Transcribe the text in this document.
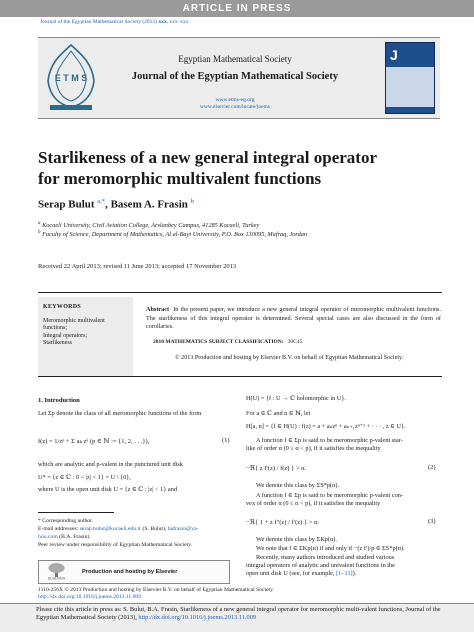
ARTICLE IN PRESS
Journal of the Egyptian Mathematical Society (2013) xxx, xxx–xxx
E T M S
Egyptian Mathematical Society
Journal of the Egyptian Mathematical Society
www.etms-eg.org
www.elsevier.com/locate/joems
J
Starlikeness of a new general integral operator
for meromorphic multivalent functions
Serap Bulut $^{a,*}$, Basem A. Frasin $^b$
$^a$ Kocaeli University, Civil Aviation College, Arslanbey Campus, 41285 Kocaeli, Turkey
$^b$ Faculty of Science, Department of Mathematics, Al al-Bayt University, P.O. Box 130095, Mafraq, Jordan
Received 22 April 2013; revised 11 June 2013; accepted 17 November 2013
KEYWORDS
Meromorphic multivalent
functions;
Integral operators;
Starlikeness
Abstract In the present paper, we introduce a new general integral operator of meromorphic multivalent functions. The starlikeness of this integral operator is determined. Several special cases are also discussed in the form of corollaries.
2010 MATHEMATICS SUBJECT CLASSIFICATION: 30C45
© 2013 Production and hosting by Elsevier B.V. on behalf of Egyptian Mathematical Society.
1. Introduction
Let Σp denote the class of all meromorphic functions of the form
f(z) = 1/zᵖ + Σ aₖ zᵏ (p ∈ ℕ := {1, 2, . . .}),	(1)
which are analytic and p-valent in the punctured unit disk
U* = {z ∈ ℂ : 0 < |z| < 1} = U \ {0},
where U is the open unit disk U = {z ∈ ℂ : |z| < 1} and
* Corresponding author.
E-mail addresses: serap.bulut@kocaeli.edu.tr (S. Bulut), bafrasin@ya-
hoo.com (B.A. Frasin).
Peer review under responsibility of Egyptian Mathematical Society.
ELSEVIER
Production and hosting by Elsevier
H(U) = {f : U → ℂ holomorphic in U}.
For a ∈ ℂ and n ∈ ℕ, let
H[a, n] = {f ∈ H(U) : f(z) = a + aₙzⁿ + aₙ₊₁zⁿ⁺¹ + · · · , z ∈ U}.
A function f ∈ Σp is said to be meromorphic p-valent star-
like of order α (0 ≤ α < p), if it satisfies the inequality
−ℜ{ z f′(z) / f(z) } > α.	(2)
We denote this class by ΣS*p(α).
A function f ∈ Σp is said to be meromorphic p-valent con-
vex of order α (0 ≤ α < p), if it satisfies the inequality
−ℜ{ 1 + z f″(z) / f′(z) } > α.	(3)
We denote this class by ΣKp(α).
We note that f ∈ ΣKp(α) if and only if −(z f′)/p ∈ ΣS*p(α).
Recently, many authors introduced and studied various
integral operators of analytic and univalent functions in the
open unit disk U (see, for example, [1–11]).
1110-256X © 2013 Production and hosting by Elsevier B.V. on behalf of Egyptian Mathematical Society.
http://dx.doi.org/10.1016/j.joems.2013.11.009
Please cite this article in press as: S. Bulut, B.A. Frasin, Starlikeness of a new general integral operator for meromorphic multi-valent functions, Journal of the Egyptian Mathematical Society (2013), http://dx.doi.org/10.1016/j.joems.2013.11.009
